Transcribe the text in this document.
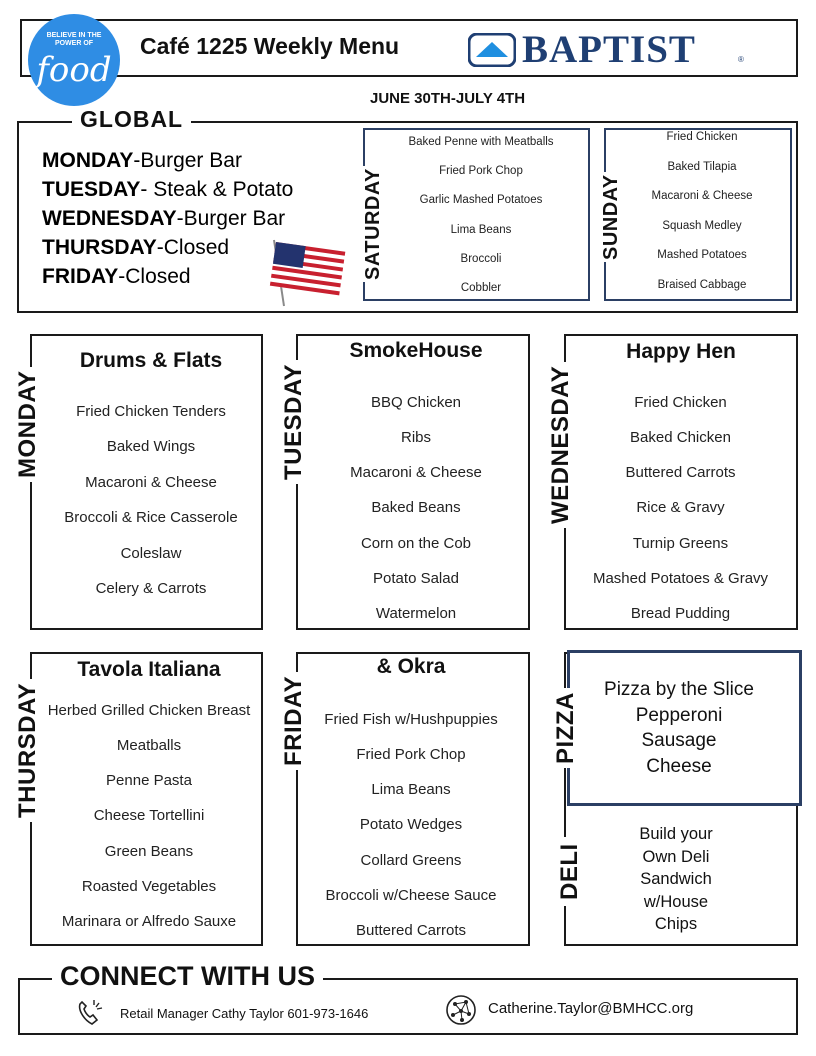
BELIEVE IN THE POWER OF
food
Café 1225 Weekly Menu	BAPTIST	®
JUNE 30TH-JULY 4TH
GLOBAL
MONDAY-Burger Bar
TUESDAY- Steak & Potato
WEDNESDAY-Burger Bar
THURSDAY-Closed
FRIDAY-Closed	SATURDAY
Baked Penne with Meatballs
Fried Pork Chop
Garlic Mashed Potatoes
Lima Beans
Broccoli
Cobbler
SUNDAY
Fried Chicken
Baked Tilapia
Macaroni & Cheese
Squash Medley
Mashed Potatoes
Braised Cabbage
MONDAY
Drums & Flats
Fried Chicken Tenders
Baked Wings
Macaroni & Cheese
Broccoli & Rice Casserole
Coleslaw
Celery & Carrots
TUESDAY
SmokeHouse
BBQ Chicken
Ribs
Macaroni & Cheese
Baked Beans
Corn on the Cob
Potato Salad
Watermelon
WEDNESDAY
Happy Hen
Fried Chicken
Baked Chicken
Buttered Carrots
Rice & Gravy
Turnip Greens
Mashed Potatoes & Gravy
Bread Pudding
THURSDAY
Tavola Italiana
Herbed Grilled Chicken Breast
Meatballs
Penne Pasta
Cheese Tortellini
Green Beans
Roasted Vegetables
Marinara or Alfredo Sauxe
FRIDAY
& Okra
Fried Fish w/Hushpuppies
Fried Pork Chop
Lima Beans
Potato Wedges
Collard Greens
Broccoli w/Cheese Sauce
Buttered Carrots
PIZZA
Pizza by the Slice
Pepperoni
Sausage
Cheese
DELI
Build your
Own Deli
Sandwich
w/House
Chips
CONNECT WITH US
Retail Manager Cathy Taylor 601-973-1646	Catherine.Taylor@BMHCC.org
